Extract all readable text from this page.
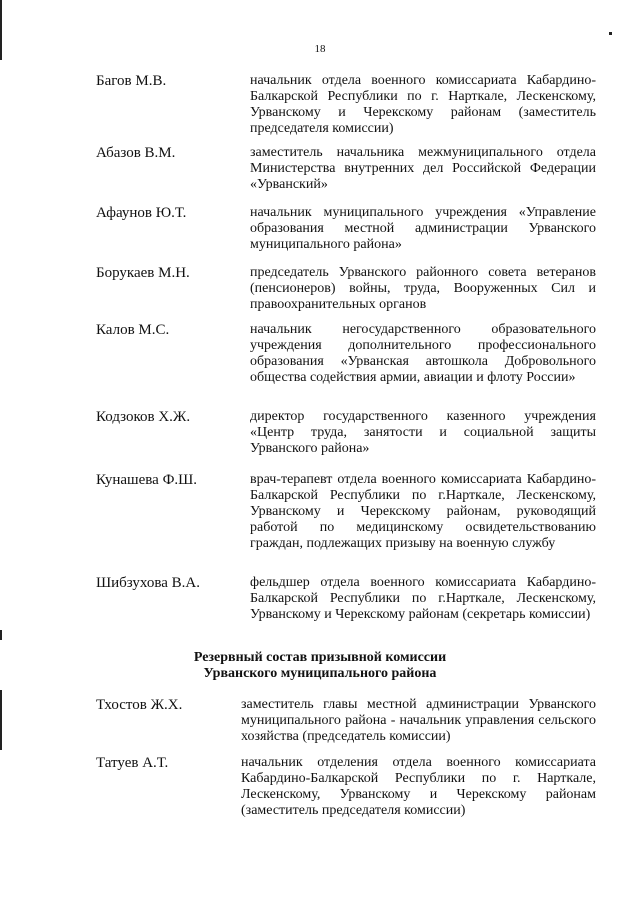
18
Багов М.В.	начальник отдела военного комиссариата Кабардино-Балкарской Республики по г. Нарткале, Лескенскому, Урванскому и Черекскому районам (заместитель председателя комиссии)
Абазов В.М.	заместитель начальника межмуниципального отдела Министерства внутренних дел Российской Федерации «Урванский»
Афаунов Ю.Т.	начальник муниципального учреждения «Управление образования местной администрации Урванского муниципального района»
Борукаев М.Н.	председатель Урванского районного совета ветеранов (пенсионеров) войны, труда, Вооруженных Сил и правоохранительных органов
Калов М.С.	начальник негосударственного образовательного учреждения дополнительного профессионального образования «Урванская автошкола Добровольного общества содействия армии, авиации и флоту России»
Кодзоков Х.Ж.	директор государственного казенного учреждения «Центр труда, занятости и социальной защиты Урванского района»
Кунашева Ф.Ш.	врач-терапевт отдела военного комиссариата Кабардино-Балкарской Республики по г.Нарткале, Лескенскому, Урванскому и Черекскому районам, руководящий работой по медицинскому освидетельствованию граждан, подлежащих призыву на военную службу
Шибзухова В.А.	фельдшер отдела военного комиссариата Кабардино-Балкарской Республики по г.Нарткале, Лескенскому, Урванскому и Черекскому районам (секретарь комиссии)
Резервный состав призывной комиссии
Урванского муниципального района
Тхостов Ж.Х.	заместитель главы местной администрации Урванского муниципального района - начальник управления сельского хозяйства (председатель комиссии)
Татуев А.Т.	начальник отделения отдела военного комиссариата Кабардино-Балкарской Республики по г. Нарткале, Лескенскому, Урванскому и Черекскому районам (заместитель председателя комиссии)
